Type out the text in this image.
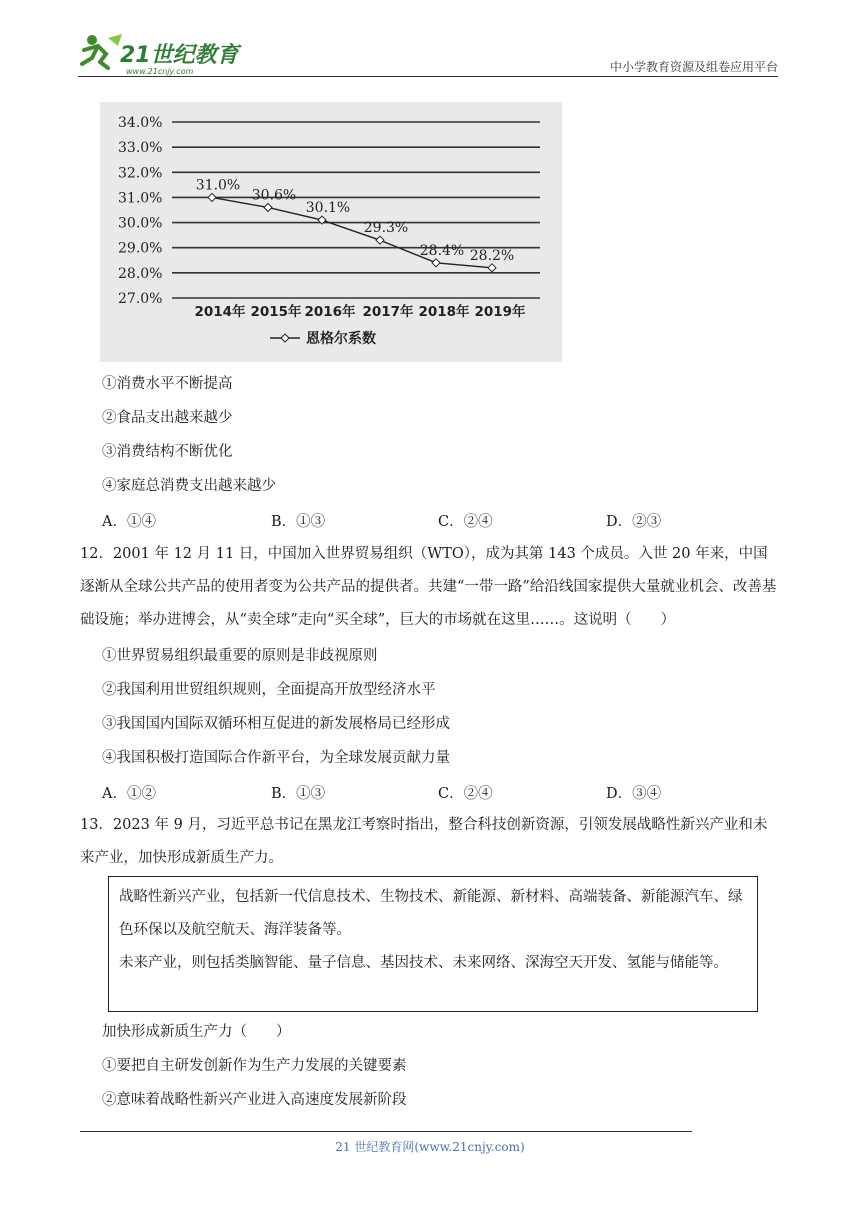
21世纪教育
www.21cnjy.com	中小学教育资源及组卷应用平台
34.0%
33.0%
32.0%
31.0%
30.0%
29.0%
28.0%
27.0%
31.0%
30.6%
30.1%
29.3%
28.4% 28.2%
2014年 2015年 2016年 2017年 2018年 2019年
恩格尔系数
①消费水平不断提高
②食品支出越来越少
③消费结构不断优化
④家庭总消费支出越来越少
A．①④	B．①③	C．②④	D．②③
12．2001 年 12 月 11 日，中国加入世界贸易组织（WTO），成为其第 143 个成员。入世 20 年来，中国逐渐从全球公共产品的使用者变为公共产品的提供者。共建“一带一路”给沿线国家提供大量就业机会、改善基础设施；举办进博会，从“卖全球”走向“买全球”，巨大的市场就在这里……。这说明（　　）
①世界贸易组织最重要的原则是非歧视原则
②我国利用世贸组织规则，全面提高开放型经济水平
③我国国内国际双循环相互促进的新发展格局已经形成
④我国积极打造国际合作新平台，为全球发展贡献力量
A．①②	B．①③	C．②④	D．③④
13．2023 年 9 月，习近平总书记在黑龙江考察时指出，整合科技创新资源，引领发展战略性新兴产业和未来产业，加快形成新质生产力。
战略性新兴产业，包括新一代信息技术、生物技术、新能源、新材料、高端装备、新能源汽车、绿色环保以及航空航天、海洋装备等。
未来产业，则包括类脑智能、量子信息、基因技术、未来网络、深海空天开发、氢能与储能等。
加快形成新质生产力（　　）
①要把自主研发创新作为生产力发展的关键要素
②意味着战略性新兴产业进入高速度发展新阶段
21 世纪教育网(www.21cnjy.com)
